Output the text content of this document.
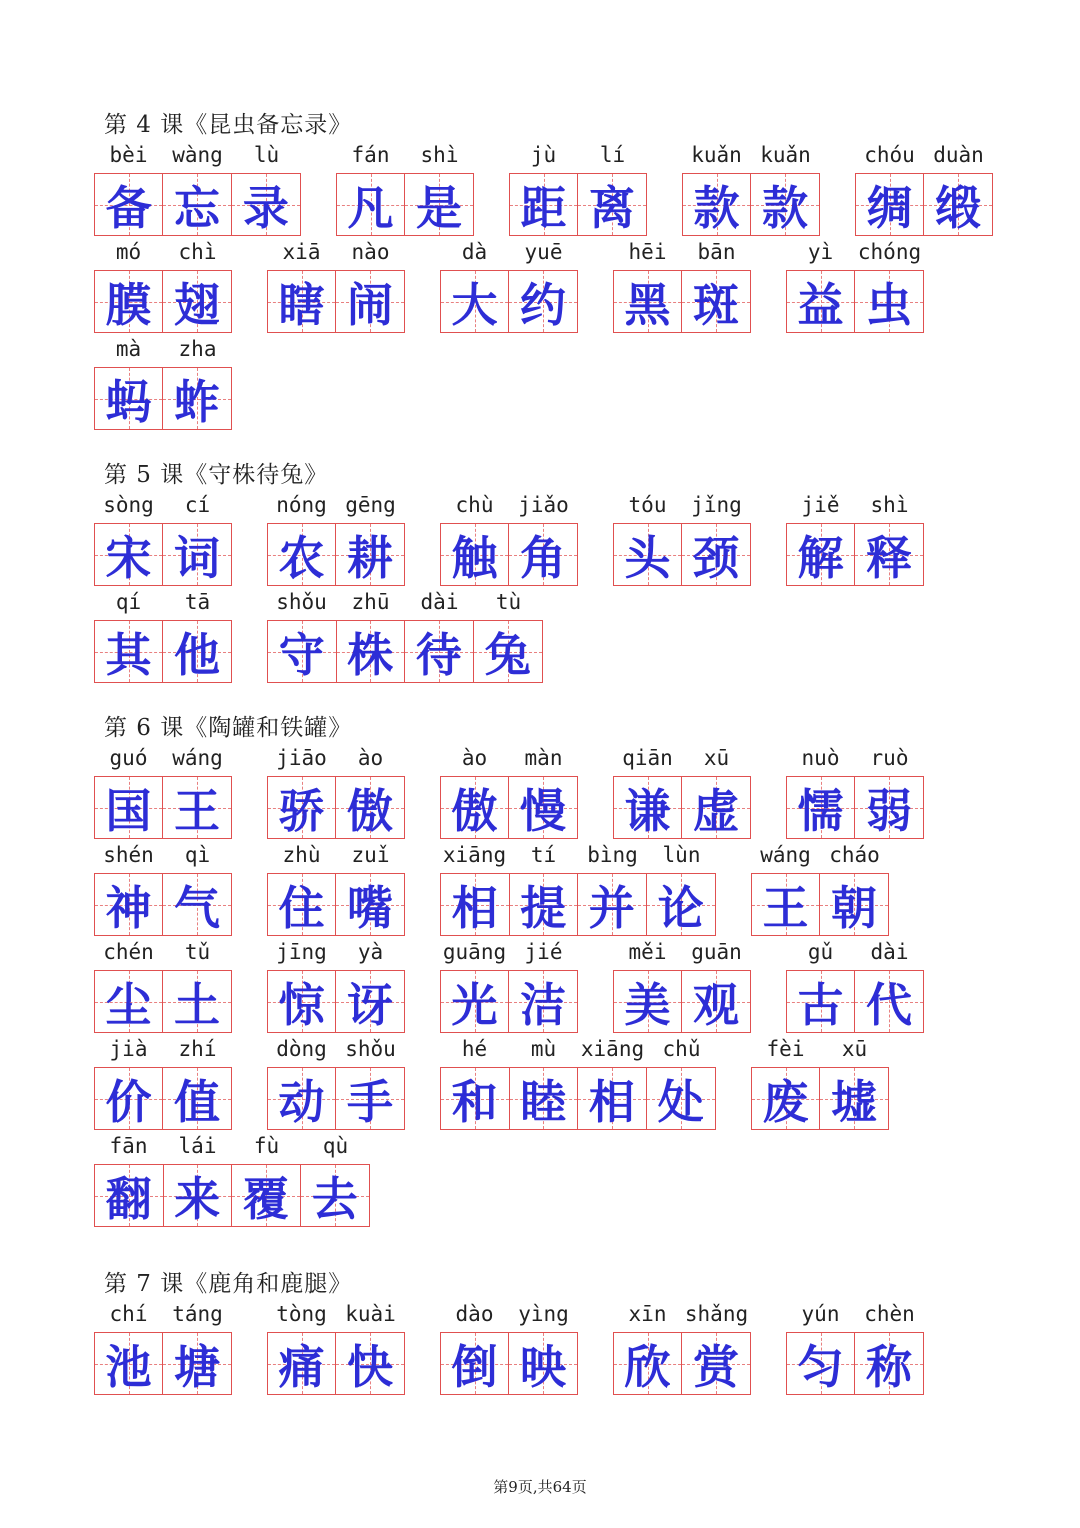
第 4 课《昆虫备忘录》
bèi	wàng	lù
备 忘 录
fán	shì
凡 是
jù	lí
距 离
kuǎn kuǎn
款 款
chóu duàn
绸 缎
mó	chì
膜 翅
xiā	nào
瞎 闹
dà	yuē
大 约
hēi	bān
黑 斑
yì	chóng
益 虫
mà	zha
蚂 蚱
第 5 课《守株待兔》
sòng	cí
宋 词
nóng gēng
农 耕
chù	jiǎo
触 角
tóu	jǐng
头 颈
jiě	shì
解 释
qí	tā
其 他
shǒu	zhū	dài	tù
守 株 待 兔
第 6 课《陶罐和铁罐》
guó	wáng
国 王
jiāo	ào
骄 傲
ào	màn
傲 慢
qiān	xū
谦 虚
nuò	ruò
懦 弱
shén	qì
神 气
zhù	zuǐ
住 嘴
xiāng	tí	bìng	lùn
相 提 并 论
wáng cháo
王 朝
chén	tǔ
尘 土
jīng	yà
惊 讶
guāng jié
光 洁
měi	guān
美 观
gǔ	dài
古 代
jià	zhí
价 值
dòng shǒu
动 手
hé	mù	xiāng chǔ
和 睦 相 处
fèi	xū
废 墟
fān	lái	fù	qù
翻 来 覆 去
第 7 课《鹿角和鹿腿》
chí	táng
池 塘
tòng kuài
痛 快
dào	yìng
倒 映
xīn shǎng
欣 赏
yún	chèn
匀 称
第9页,共64页
